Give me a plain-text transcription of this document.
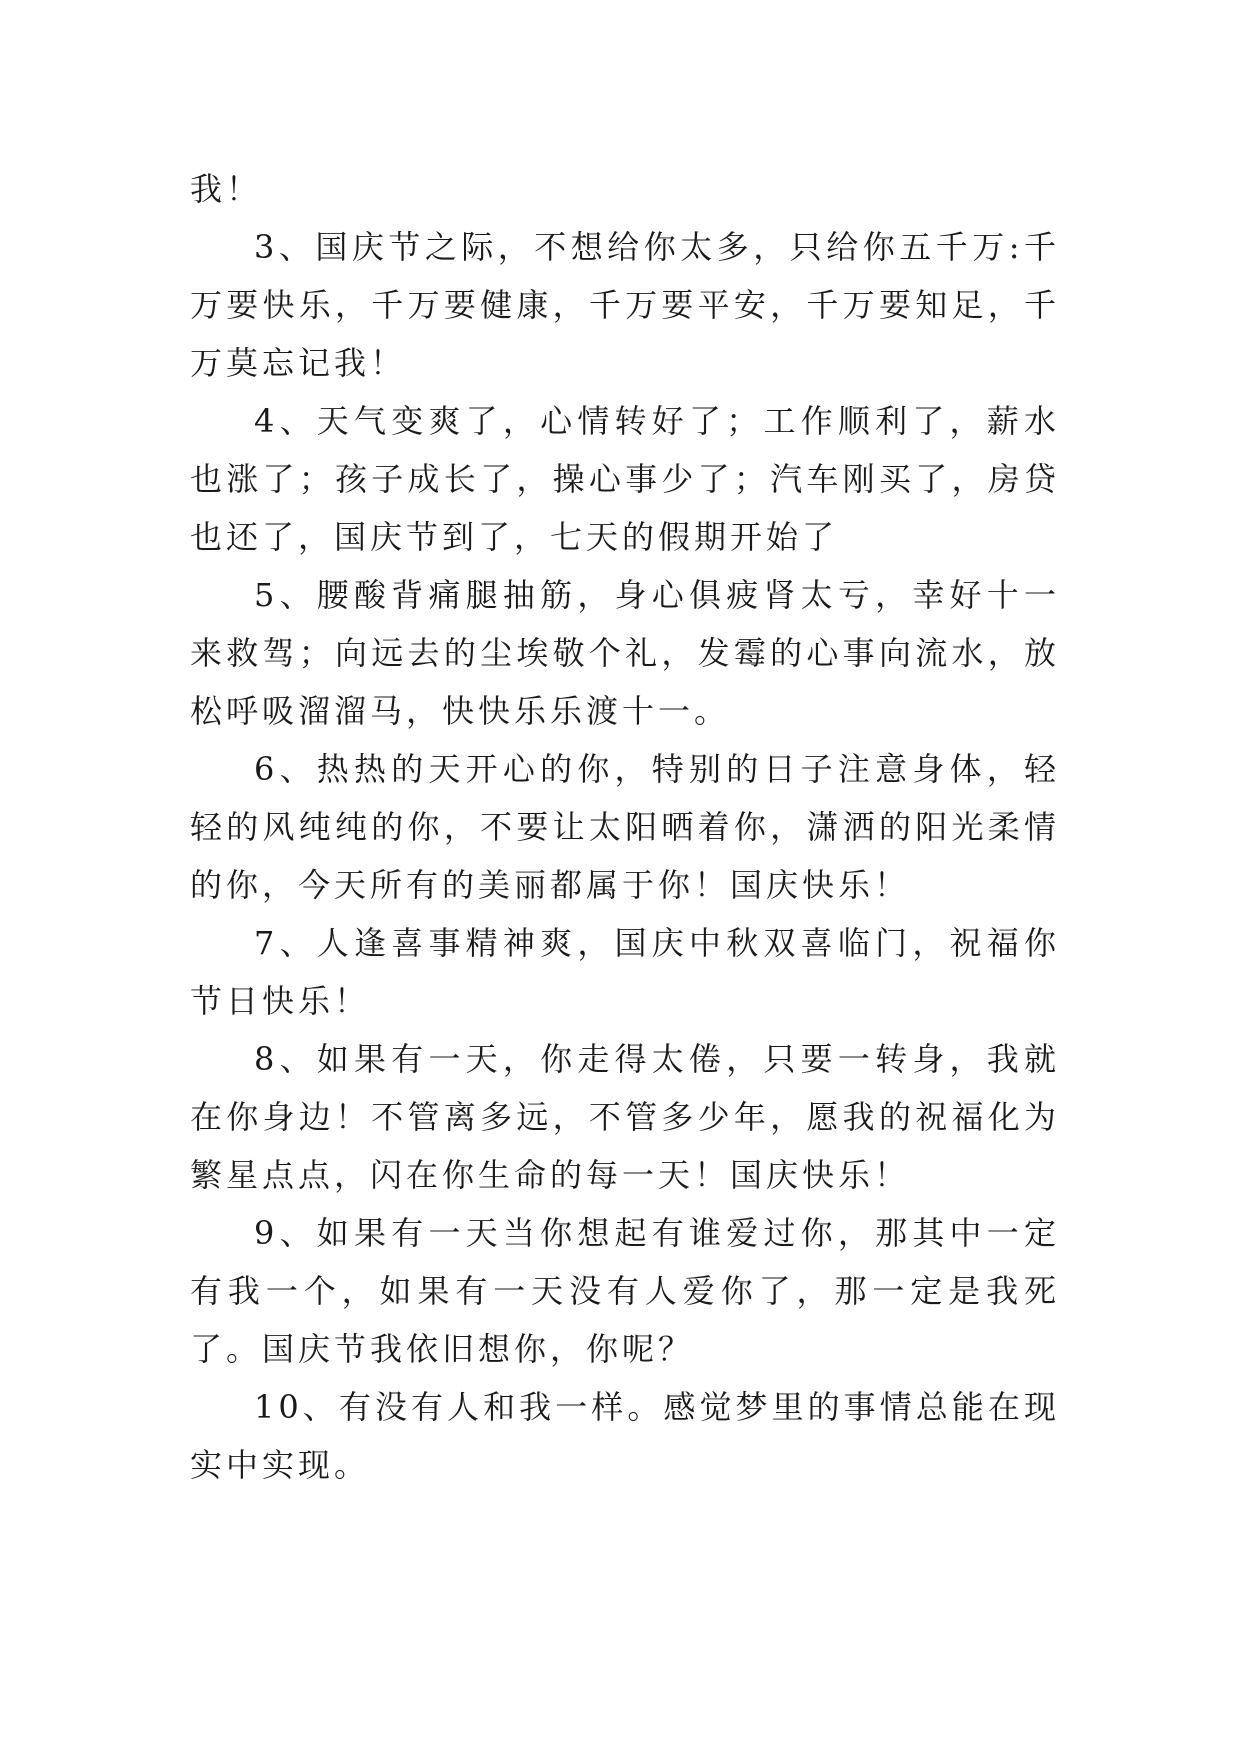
我！

3、国庆节之际，不想给你太多，只给你五千万:千万要快乐，千万要健康，千万要平安，千万要知足，千万莫忘记我！

4、天气变爽了，心情转好了；工作顺利了，薪水也涨了；孩子成长了，操心事少了；汽车刚买了，房贷也还了，国庆节到了，七天的假期开始了

5、腰酸背痛腿抽筋，身心俱疲肾太亏，幸好十一来救驾；向远去的尘埃敬个礼，发霉的心事向流水，放松呼吸溜溜马，快快乐乐渡十一。

6、热热的天开心的你，特别的日子注意身体，轻轻的风纯纯的你，不要让太阳晒着你，潇洒的阳光柔情的你，今天所有的美丽都属于你！国庆快乐！

7、人逢喜事精神爽，国庆中秋双喜临门，祝福你节日快乐！

8、如果有一天，你走得太倦，只要一转身，我就在你身边！不管离多远，不管多少年，愿我的祝福化为繁星点点，闪在你生命的每一天！国庆快乐！

9、如果有一天当你想起有谁爱过你，那其中一定有我一个，如果有一天没有人爱你了，那一定是我死了。国庆节我依旧想你，你呢？

10、有没有人和我一样。感觉梦里的事情总能在现实中实现。
